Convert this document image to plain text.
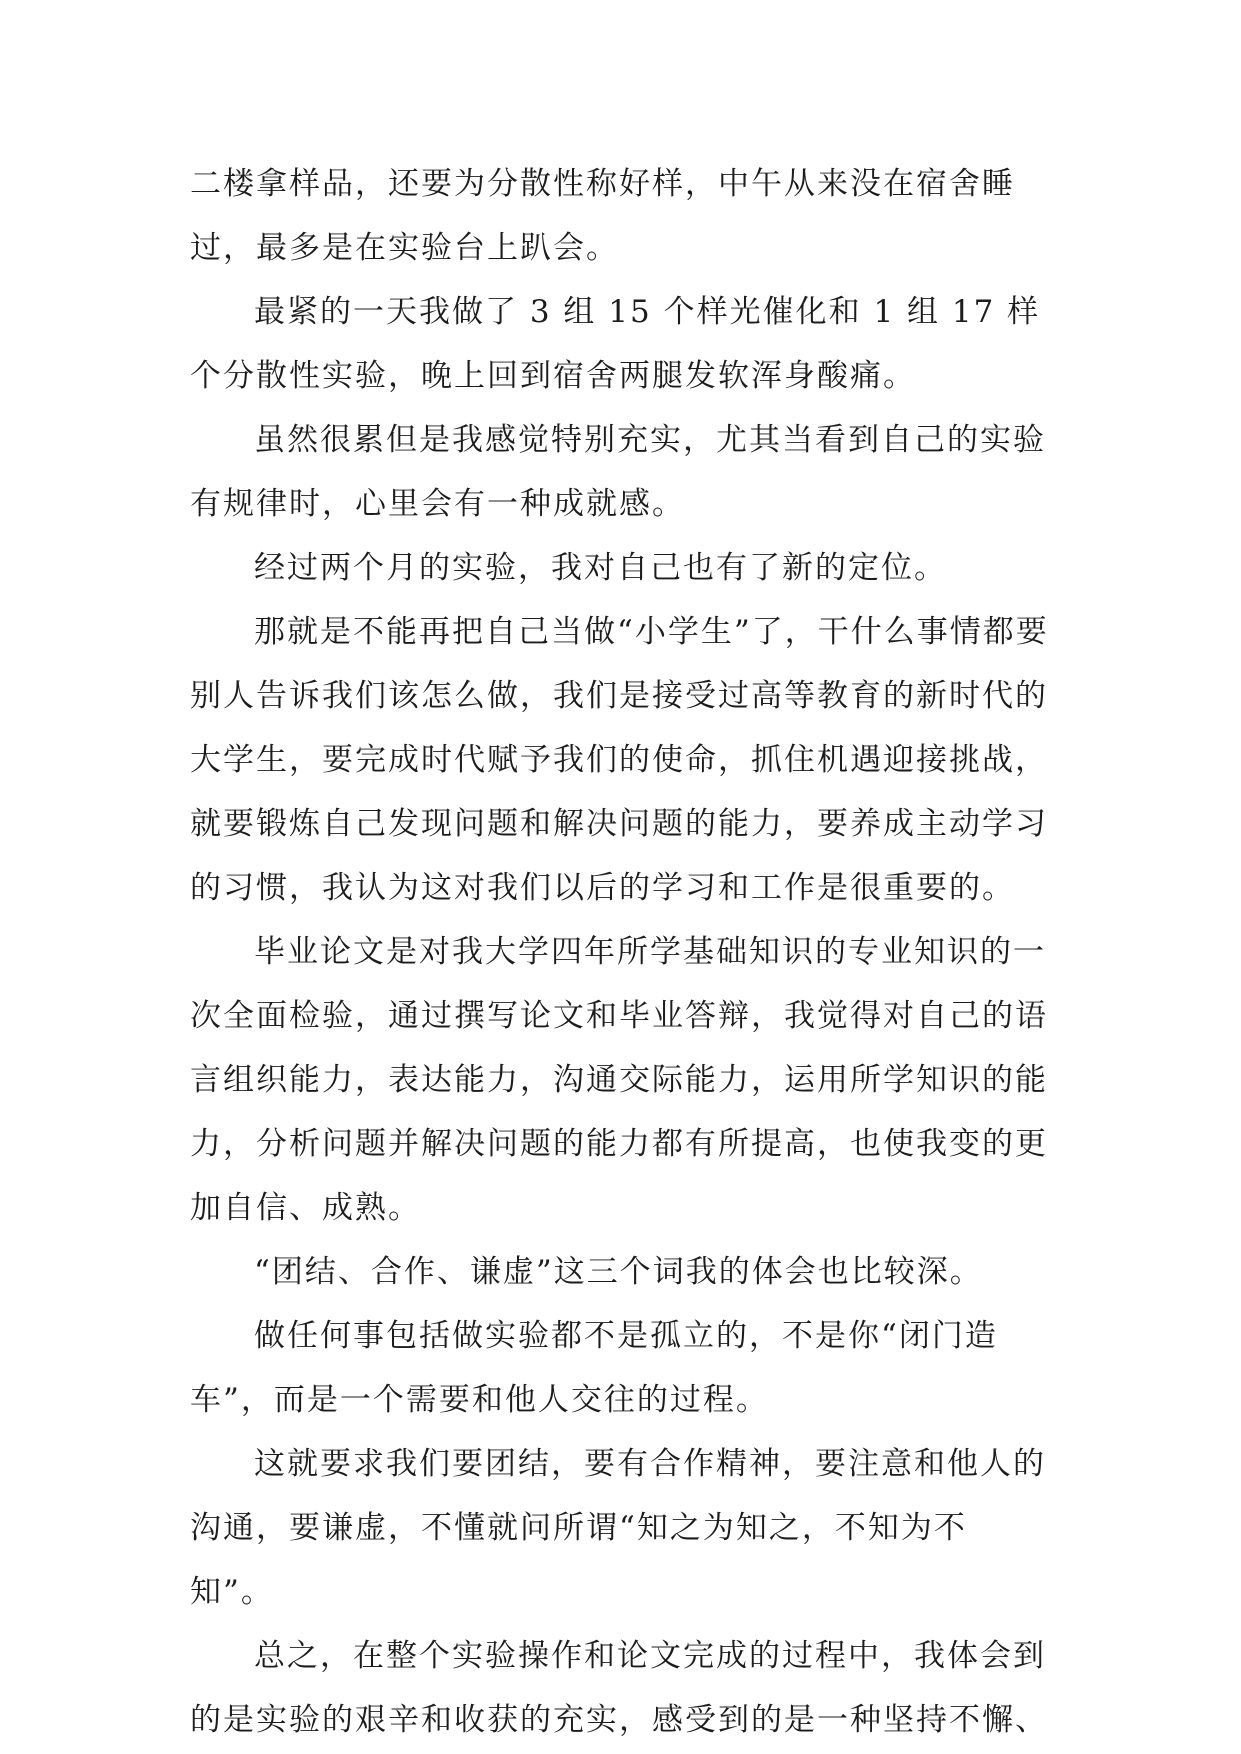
二楼拿样品，还要为分散性称好样，中午从来没在宿舍睡过，最多是在实验台上趴会。

最紧的一天我做了 3 组 15 个样光催化和 1 组 17 样个分散性实验，晚上回到宿舍两腿发软浑身酸痛。

虽然很累但是我感觉特别充实，尤其当看到自己的实验有规律时，心里会有一种成就感。

经过两个月的实验，我对自己也有了新的定位。

那就是不能再把自己当做“小学生”了，干什么事情都要别人告诉我们该怎么做，我们是接受过高等教育的新时代的大学生，要完成时代赋予我们的使命，抓住机遇迎接挑战，就要锻炼自己发现问题和解决问题的能力，要养成主动学习的习惯，我认为这对我们以后的学习和工作是很重要的。

毕业论文是对我大学四年所学基础知识的专业知识的一次全面检验，通过撰写论文和毕业答辩，我觉得对自己的语言组织能力，表达能力，沟通交际能力，运用所学知识的能力，分析问题并解决问题的能力都有所提高，也使我变的更加自信、成熟。

“团结、合作、谦虚”这三个词我的体会也比较深。

做任何事包括做实验都不是孤立的，不是你“闭门造车”，而是一个需要和他人交往的过程。

这就要求我们要团结，要有合作精神，要注意和他人的沟通，要谦虚，不懂就问所谓“知之为知之，不知为不知”。

总之，在整个实验操作和论文完成的过程中，我体会到的是实验的艰辛和收获的充实，感受到的是一种坚持不懈、
